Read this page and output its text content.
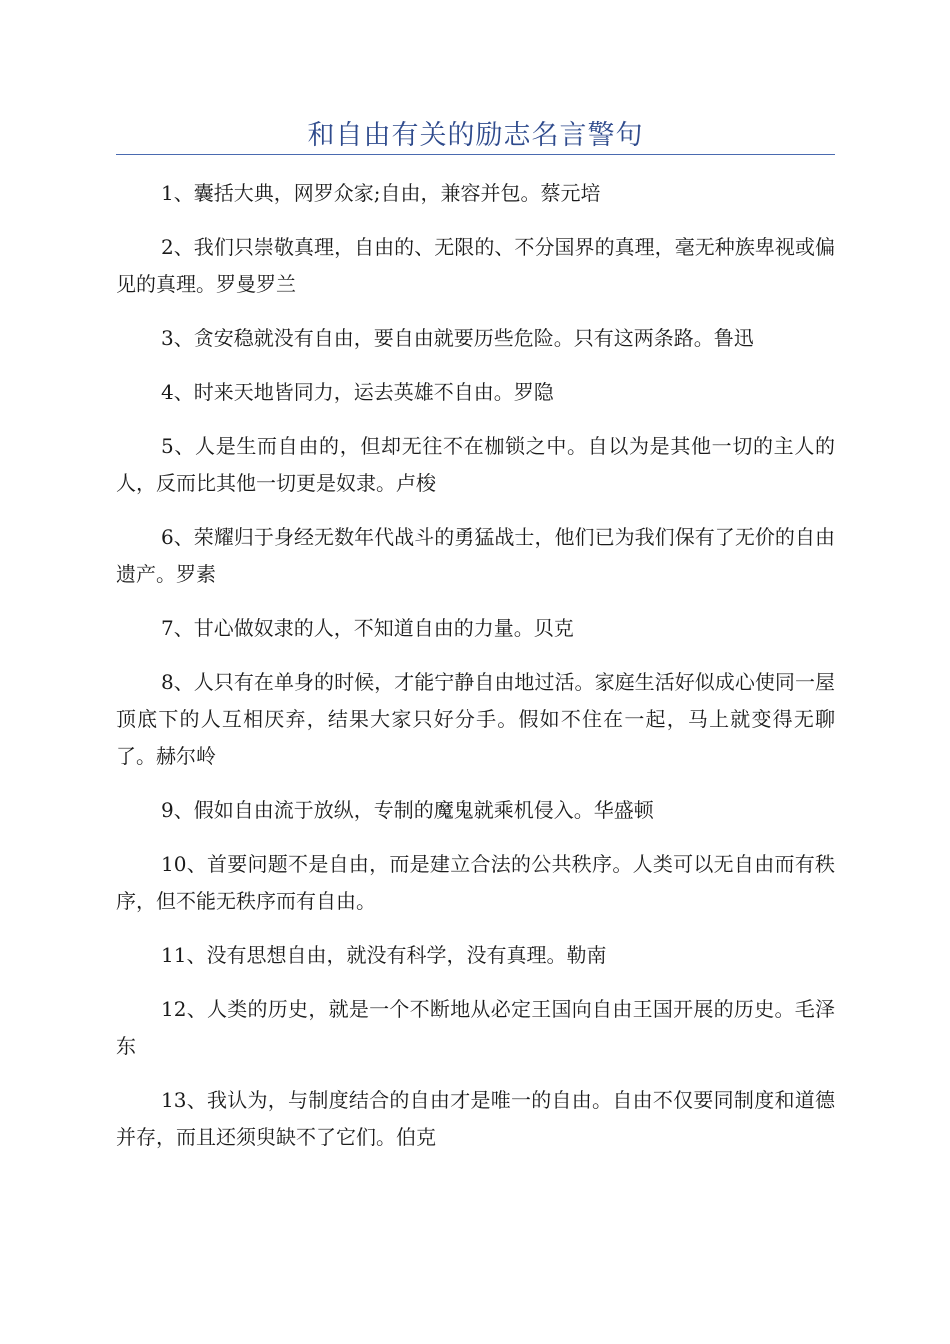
和自由有关的励志名言警句

1、囊括大典，网罗众家;自由，兼容并包。蔡元培

2、我们只崇敬真理，自由的、无限的、不分国界的真理，毫无种族卑视或偏见的真理。罗曼罗兰

3、贪安稳就没有自由，要自由就要历些危险。只有这两条路。鲁迅

4、时来天地皆同力，运去英雄不自由。罗隐

5、人是生而自由的，但却无往不在枷锁之中。自以为是其他一切的主人的人，反而比其他一切更是奴隶。卢梭

6、荣耀归于身经无数年代战斗的勇猛战士，他们已为我们保有了无价的自由遗产。罗素

7、甘心做奴隶的人，不知道自由的力量。贝克

8、人只有在单身的时候，才能宁静自由地过活。家庭生活好似成心使同一屋顶底下的人互相厌弃，结果大家只好分手。假如不住在一起，马上就变得无聊了。赫尔岭

9、假如自由流于放纵，专制的魔鬼就乘机侵入。华盛顿

10、首要问题不是自由，而是建立合法的公共秩序。人类可以无自由而有秩序，但不能无秩序而有自由。

11、没有思想自由，就没有科学，没有真理。勒南

12、人类的历史，就是一个不断地从必定王国向自由王国开展的历史。毛泽东

13、我认为，与制度结合的自由才是唯一的自由。自由不仅要同制度和道德并存，而且还须臾缺不了它们。伯克
